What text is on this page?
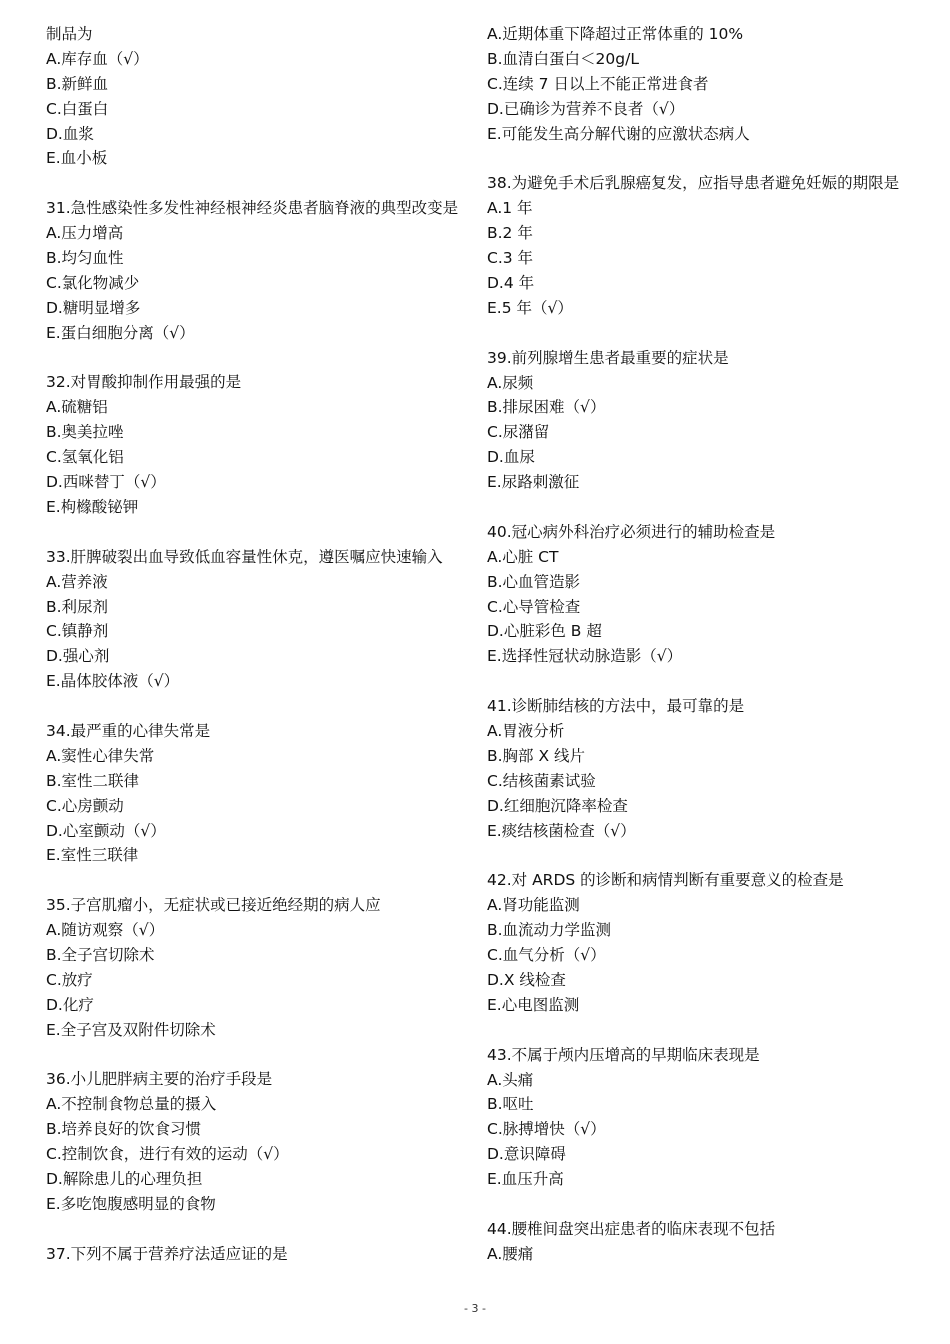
制品为
A.库存血（√）
B.新鲜血
C.白蛋白
D.血浆
E.血小板
31.急性感染性多发性神经根神经炎患者脑脊液的典型改变是
A.压力增高
B.均匀血性
C.氯化物减少
D.糖明显增多
E.蛋白细胞分离（√）
32.对胃酸抑制作用最强的是
A.硫糖铝
B.奥美拉唑
C.氢氧化铝
D.西咪替丁（√）
E.枸橼酸铋钾
33.肝脾破裂出血导致低血容量性休克，遵医嘱应快速输入
A.营养液
B.利尿剂
C.镇静剂
D.强心剂
E.晶体胶体液（√）
34.最严重的心律失常是
A.窦性心律失常
B.室性二联律
C.心房颤动
D.心室颤动（√）
E.室性三联律
35.子宫肌瘤小，无症状或已接近绝经期的病人应
A.随访观察（√）
B.全子宫切除术
C.放疗
D.化疗
E.全子宫及双附件切除术
36.小儿肥胖病主要的治疗手段是
A.不控制食物总量的摄入
B.培养良好的饮食习惯
C.控制饮食，进行有效的运动（√）
D.解除患儿的心理负担
E.多吃饱腹感明显的食物
37.下列不属于营养疗法适应证的是
A.近期体重下降超过正常体重的 10%
B.血清白蛋白＜20g/L
C.连续 7 日以上不能正常进食者
D.已确诊为营养不良者（√）
E.可能发生高分解代谢的应激状态病人
38.为避免手术后乳腺癌复发，应指导患者避免妊娠的期限是
A.1 年
B.2 年
C.3 年
D.4 年
E.5 年（√）
39.前列腺增生患者最重要的症状是
A.尿频
B.排尿困难（√）
C.尿潴留
D.血尿
E.尿路刺激征
40.冠心病外科治疗必须进行的辅助检查是
A.心脏 CT
B.心血管造影
C.心导管检查
D.心脏彩色 B 超
E.选择性冠状动脉造影（√）
41.诊断肺结核的方法中，最可靠的是
A.胃液分析
B.胸部 X 线片
C.结核菌素试验
D.红细胞沉降率检查
E.痰结核菌检查（√）
42.对 ARDS 的诊断和病情判断有重要意义的检查是
A.肾功能监测
B.血流动力学监测
C.血气分析（√）
D.X 线检查
E.心电图监测
43.不属于颅内压增高的早期临床表现是
A.头痛
B.呕吐
C.脉搏增快（√）
D.意识障碍
E.血压升高
44.腰椎间盘突出症患者的临床表现不包括
A.腰痛
- 3 -
